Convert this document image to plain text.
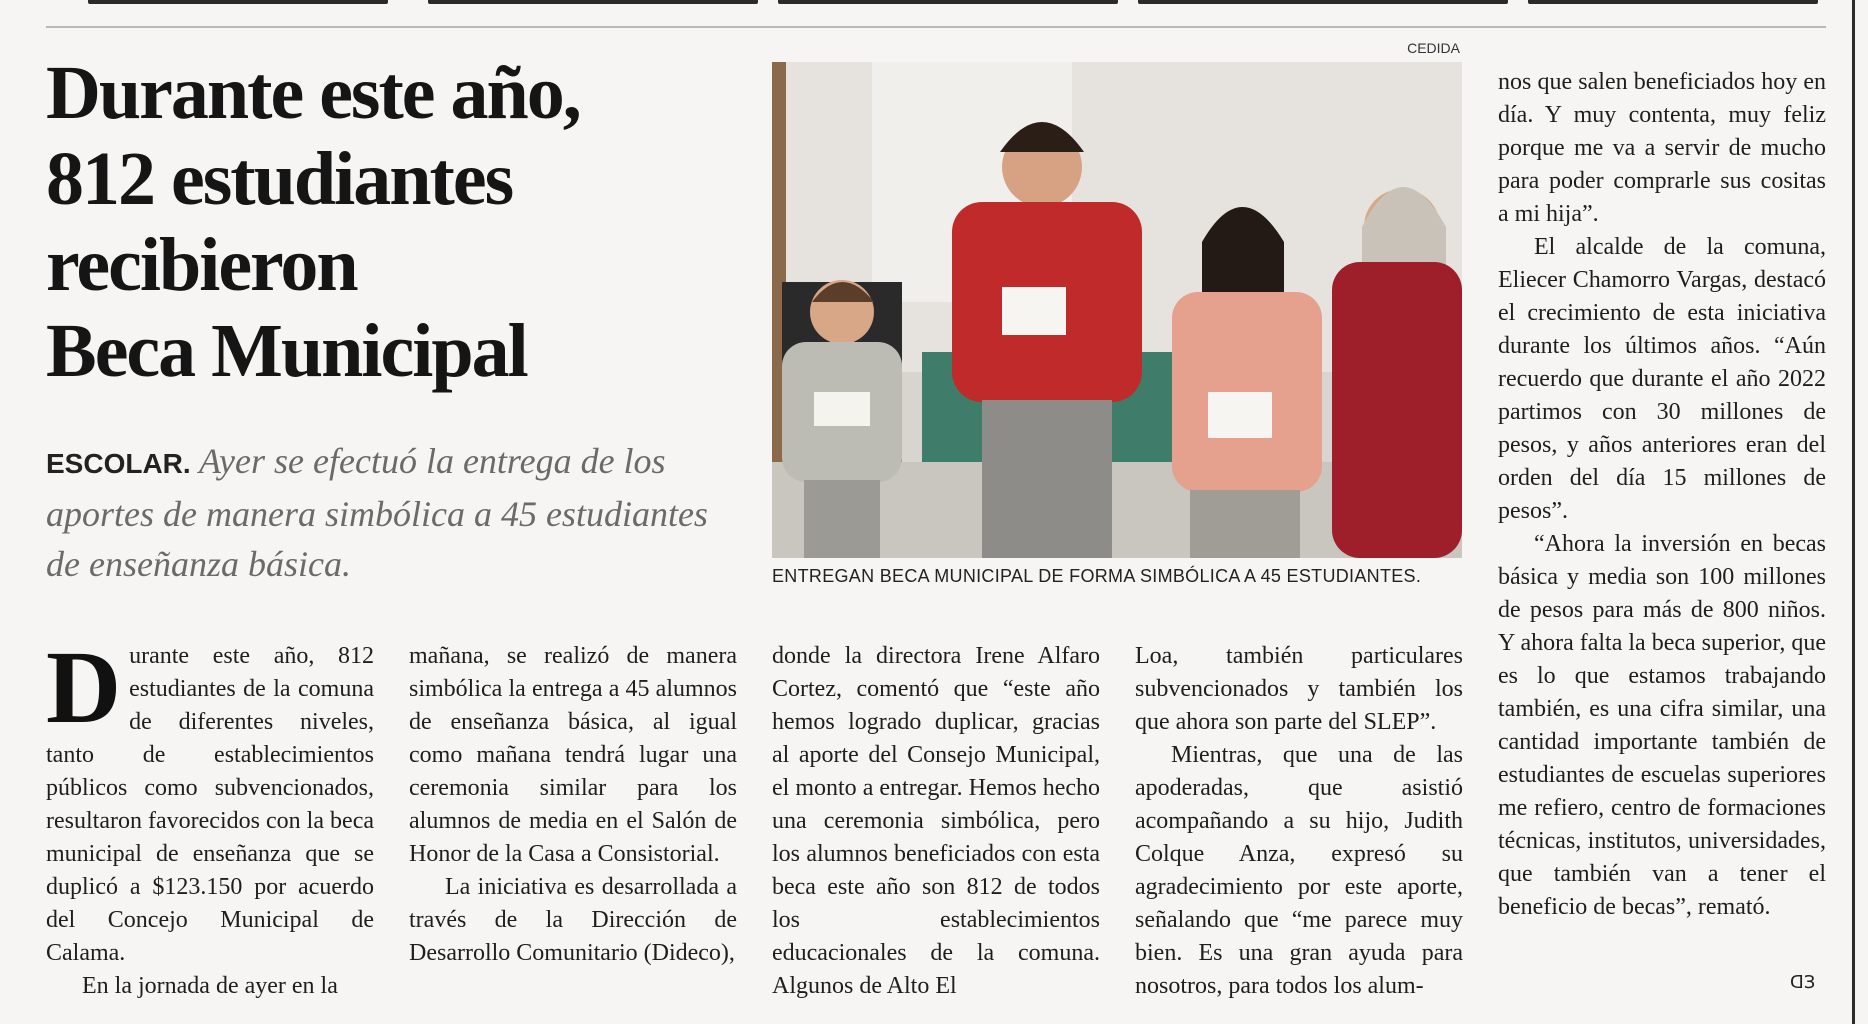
Durante este año,
812 estudiantes
recibieron
Beca Municipal

ESCOLAR. Ayer se efectuó la entrega de los aportes de manera simbólica a 45 estudiantes de enseñanza básica.

CEDIDA
ENTREGAN BECA MUNICIPAL DE FORMA SIMBÓLICA A 45 ESTUDIANTES.
D urante este año, 812 estudiantes de la comuna de diferentes niveles, tanto de establecimientos públicos como subvencionados, resultaron favorecidos con la beca municipal de enseñanza que se duplicó a $123.150 por acuerdo del Concejo Municipal de Calama.

En la jornada de ayer en la

mañana, se realizó de manera simbólica la entrega a 45 alumnos de enseñanza básica, al igual como mañana tendrá lugar una ceremonia similar para los alumnos de media en el Salón de Honor de la Casa a Consistorial.

La iniciativa es desarrollada a través de la Dirección de Desarrollo Comunitario (Dideco),

donde la directora Irene Alfaro Cortez, comentó que “este año hemos logrado duplicar, gracias al aporte del Consejo Municipal, el monto a entregar. Hemos hecho una ceremonia simbólica, pero los alumnos beneficiados con esta beca este año son 812 de todos los establecimientos educacionales de la comuna. Algunos de Alto El

Loa, también particulares subvencionados y también los que ahora son parte del SLEP”.

Mientras, que una de las apoderadas, que asistió acompañando a su hijo, Judith Colque Anza, expresó su agradecimiento por este aporte, señalando que “me parece muy bien. Es una gran ayuda para nosotros, para todos los alum-

nos que salen beneficiados hoy en día. Y muy contenta, muy feliz porque me va a servir de mucho para poder comprarle sus cositas a mi hija”.

El alcalde de la comuna, Eliecer Chamorro Vargas, destacó el crecimiento de esta iniciativa durante los últimos años. “Aún recuerdo que durante el año 2022 partimos con 30 millones de pesos, y años anteriores eran del orden del día 15 millones de pesos”.

“Ahora la inversión en becas básica y media son 100 millones de pesos para más de 800 niños. Y ahora falta la beca superior, que es lo que estamos trabajando también, es una cifra similar, una cantidad importante también de estudiantes de escuelas superiores me refiero, centro de formaciones técnicas, institutos, universidades, que también van a tener el beneficio de becas”, remató.

ᗡЗ
